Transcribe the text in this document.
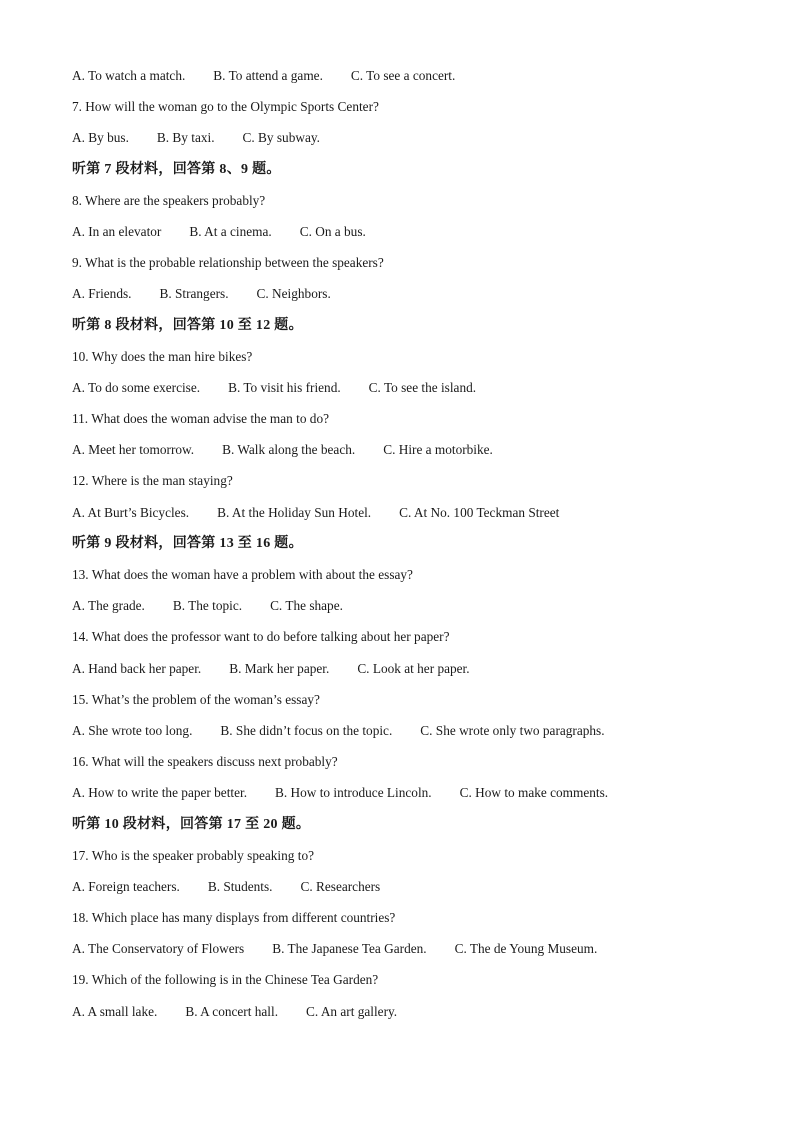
A. To watch a match. B. To attend a game. C. To see a concert.
7. How will the woman go to the Olympic Sports Center?
A. By bus. B. By taxi. C. By subway.
听第 7 段材料，回答第 8、9 题。
8. Where are the speakers probably?
A. In an elevator B. At a cinema. C. On a bus.
9. What is the probable relationship between the speakers?
A. Friends. B. Strangers. C. Neighbors.
听第 8 段材料，回答第 10 至 12 题。
10. Why does the man hire bikes?
A. To do some exercise. B. To visit his friend. C. To see the island.
11. What does the woman advise the man to do?
A. Meet her tomorrow. B. Walk along the beach. C. Hire a motorbike.
12. Where is the man staying?
A. At Burt’s Bicycles. B. At the Holiday Sun Hotel. C. At No. 100 Teckman Street
听第 9 段材料，回答第 13 至 16 题。
13. What does the woman have a problem with about the essay?
A. The grade. B. The topic. C. The shape.
14. What does the professor want to do before talking about her paper?
A. Hand back her paper. B. Mark her paper. C. Look at her paper.
15. What’s the problem of the woman’s essay?
A. She wrote too long. B. She didn’t focus on the topic. C. She wrote only two paragraphs.
16. What will the speakers discuss next probably?
A. How to write the paper better. B. How to introduce Lincoln. C. How to make comments.
听第 10 段材料，回答第 17 至 20 题。
17. Who is the speaker probably speaking to?
A. Foreign teachers. B. Students. C. Researchers
18. Which place has many displays from different countries?
A. The Conservatory of Flowers B. The Japanese Tea Garden. C. The de Young Museum.
19. Which of the following is in the Chinese Tea Garden?
A. A small lake. B. A concert hall. C. An art gallery.
